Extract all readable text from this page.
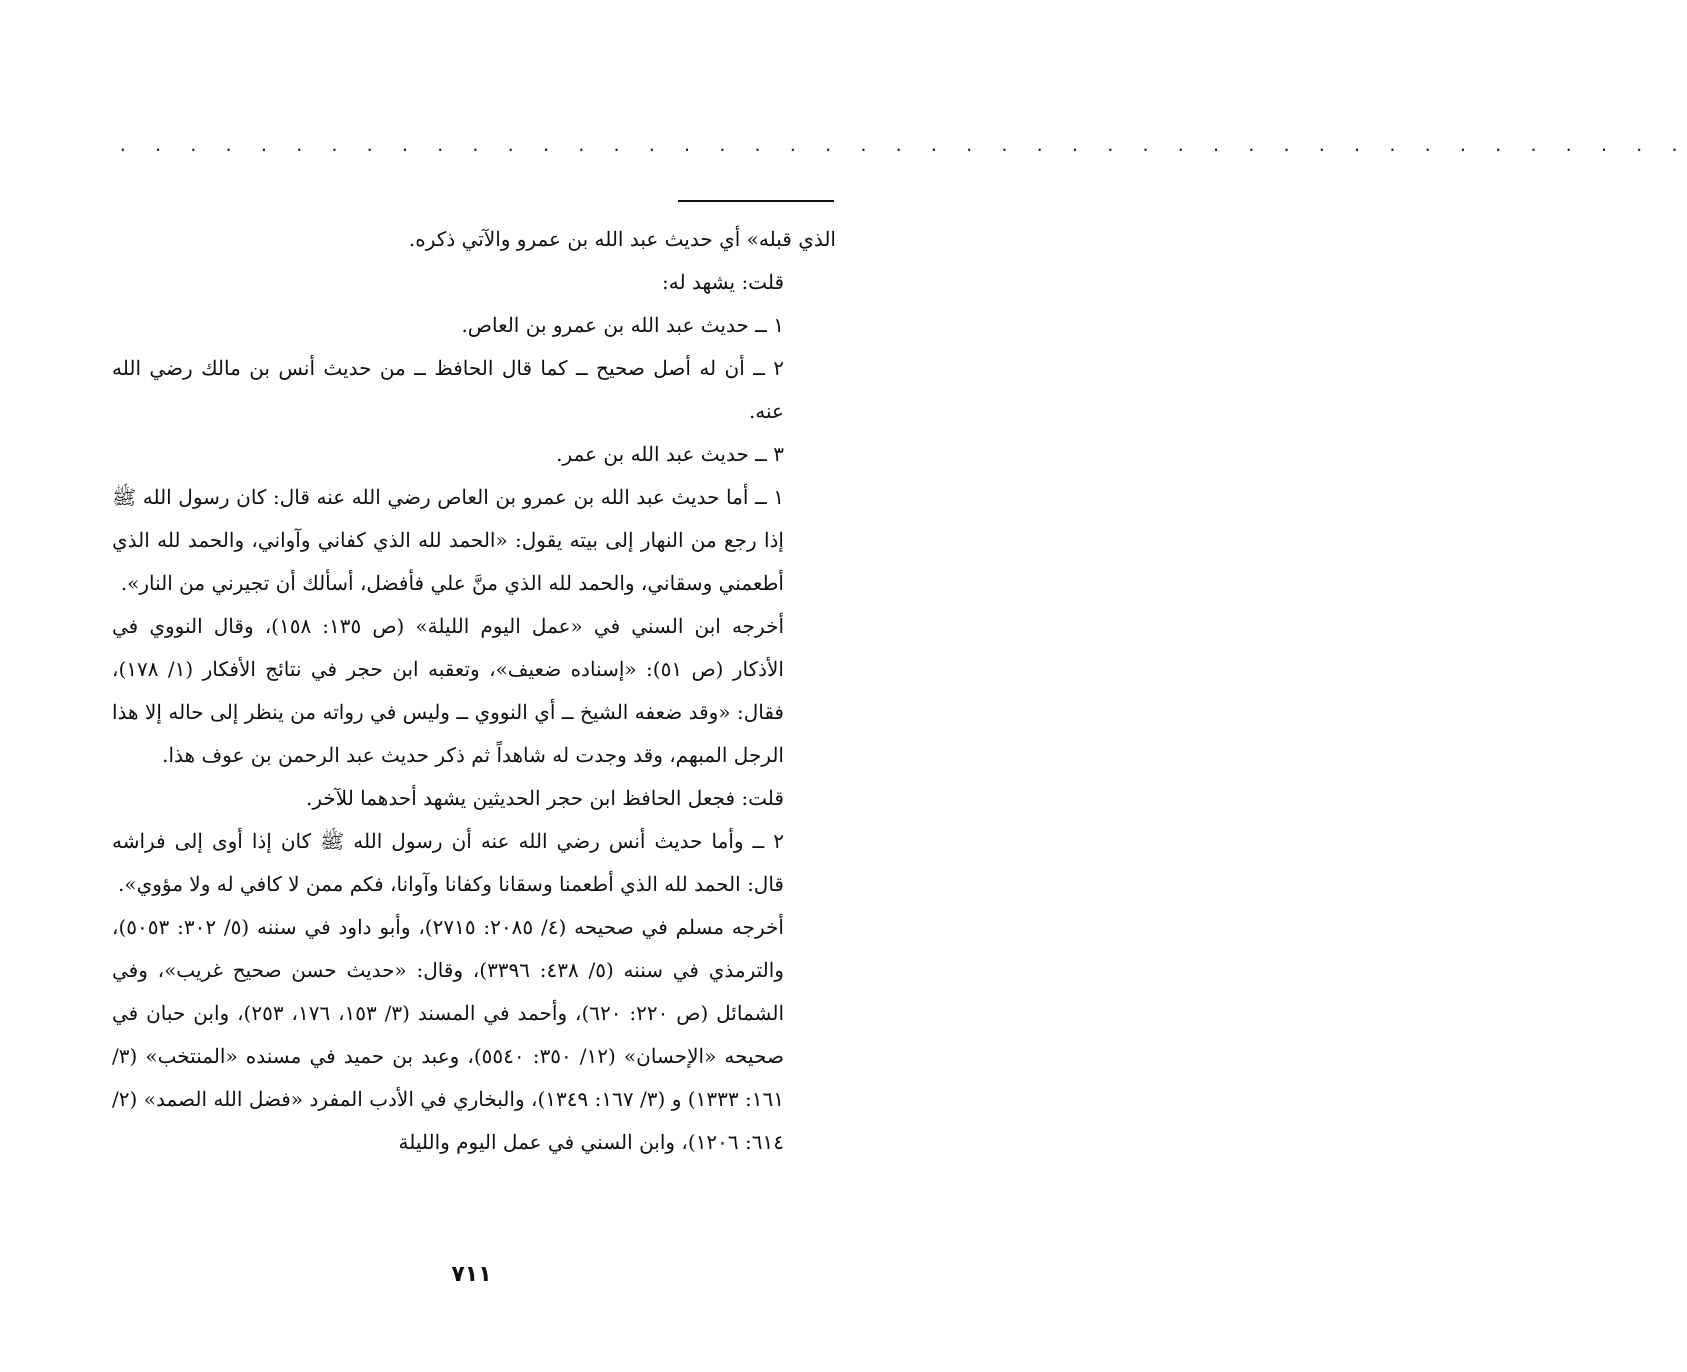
. . . . . . . . . . . . . . . . . . . . . . . . . . . . . . . . . . . . . . . . . . . . .

الذي قبله» أي حديث عبد الله بن عمرو والآتي ذكره.

قلت: يشهد له:

١ ــ حديث عبد الله بن عمرو بن العاص.

٢ ــ أن له أصل صحيح ــ كما قال الحافظ ــ من حديث أنس بن مالك رضي الله عنه.

٣ ــ حديث عبد الله بن عمر.

١ ــ أما حديث عبد الله بن عمرو بن العاص رضي الله عنه قال: كان رسول الله ﷺ إذا رجع من النهار إلى بيته يقول: «الحمد لله الذي كفاني وآواني، والحمد لله الذي أطعمني وسقاني، والحمد لله الذي منَّ علي فأفضل، أسألك أن تجيرني من النار».

أخرجه ابن السني في «عمل اليوم الليلة» (ص ١٣٥: ١٥٨)، وقال النووي في الأذكار (ص ٥١): «إسناده ضعيف»، وتعقبه ابن حجر في نتائج الأفكار (١/ ١٧٨)، فقال: «وقد ضعفه الشيخ ــ أي النووي ــ وليس في رواته من ينظر إلى حاله إلا هذا الرجل المبهم، وقد وجدت له شاهداً ثم ذكر حديث عبد الرحمن بن عوف هذا.

قلت: فجعل الحافظ ابن حجر الحديثين يشهد أحدهما للآخر.

٢ ــ وأما حديث أنس رضي الله عنه أن رسول الله ﷺ كان إذا أوى إلى فراشه قال: الحمد لله الذي أطعمنا وسقانا وكفانا وآوانا، فكم ممن لا كافي له ولا مؤوي».

أخرجه مسلم في صحيحه (٤/ ٢٠٨٥: ٢٧١٥)، وأبو داود في سننه (٥/ ٣٠٢: ٥٠٥٣)، والترمذي في سننه (٥/ ٤٣٨: ٣٣٩٦)، وقال: «حديث حسن صحيح غريب»، وفي الشمائل (ص ٢٢٠: ٦٢٠)، وأحمد في المسند (٣/ ١٥٣، ١٧٦، ٢٥٣)، وابن حبان في صحيحه «الإحسان» (١٢/ ٣٥٠: ٥٥٤٠)، وعبد بن حميد في مسنده «المنتخب» (٣/ ١٦١: ١٣٣٣) و (٣/ ١٦٧: ١٣٤٩)، والبخاري في الأدب المفرد «فضل الله الصمد» (٢/ ٦١٤: ١٢٠٦)، وابن السني في عمل اليوم والليلة

٧١١
